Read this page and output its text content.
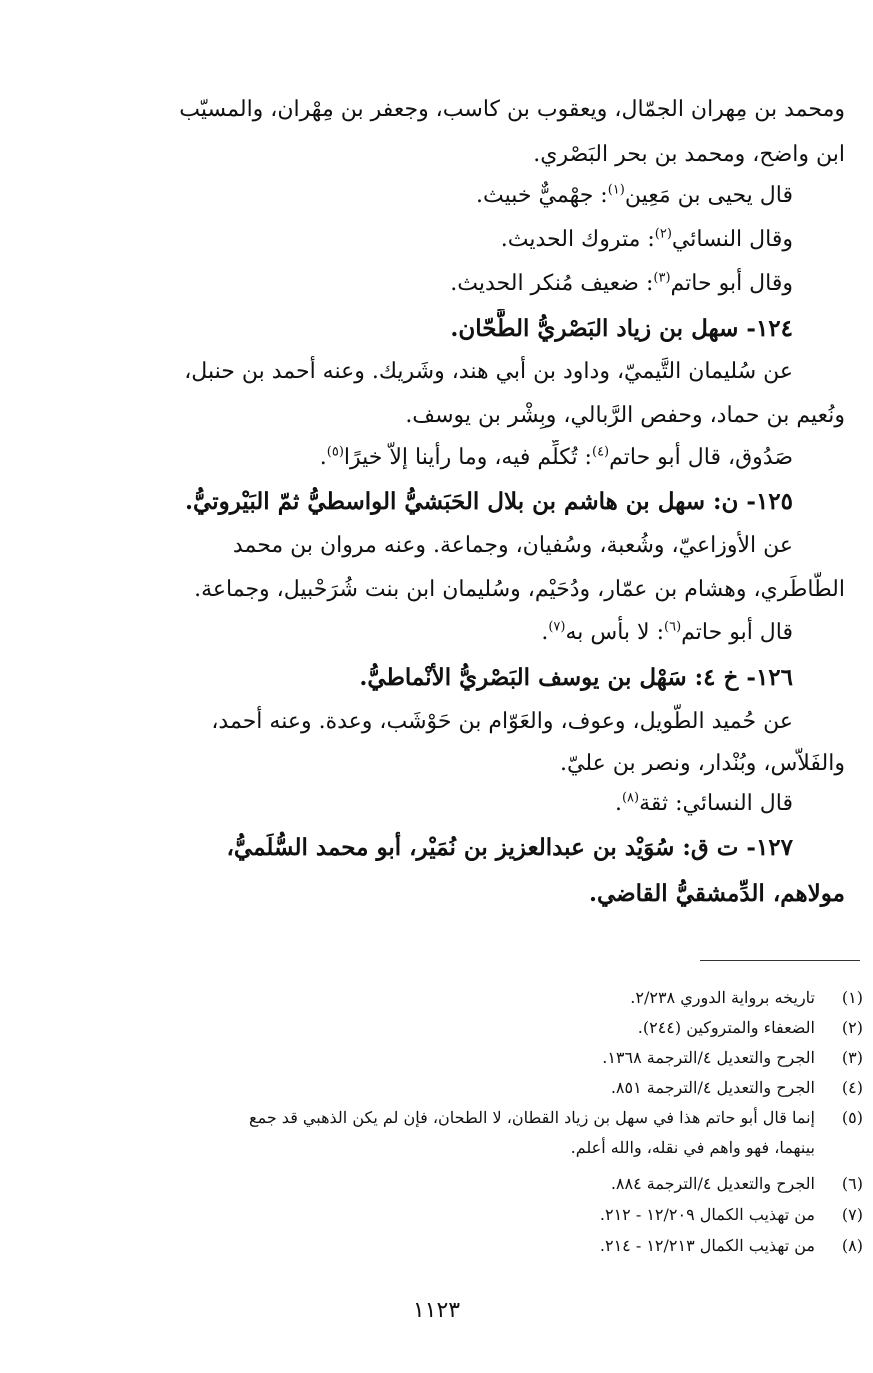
ومحمد بن مِهران الجمّال، ويعقوب بن كاسب، وجعفر بن مِهْران، والمسيّب
ابن واضح، ومحمد بن بحر البَصْري.
قال يحيى بن مَعِين$^{(١)}$: جهْميٌّ خبيث.
وقال النسائي$^{(٢)}$: متروك الحديث.
وقال أبو حاتم$^{(٣)}$: ضعيف مُنكر الحديث.
١٢٤- سهل بن زياد البَصْريُّ الطَّحّان.
عن سُليمان التَّيميّ، وداود بن أبي هند، وشَريك. وعنه أحمد بن حنبل،
ونُعيم بن حماد، وحفص الرَّبالي، وبِشْر بن يوسف.
صَدُوق، قال أبو حاتم$^{(٤)}$: تُكلِّم فيه، وما رأينا إلاّ خيرًا$^{(٥)}$.
١٢٥- ن: سهل بن هاشم بن بلال الحَبَشيُّ الواسطيُّ ثمّ البَيْروتيُّ.
عن الأوزاعيّ، وشُعبة، وسُفيان، وجماعة. وعنه مروان بن محمد
الطَّاطَري، وهشام بن عمّار، ودُحَيْم، وسُليمان ابن بنت شُرَحْبيل، وجماعة.
قال أبو حاتم$^{(٦)}$: لا بأس به$^{(٧)}$.
١٢٦- خ ٤: سَهْل بن يوسف البَصْريُّ الأنْماطيُّ.
عن حُميد الطَّويل، وعوف، والعَوّام بن حَوْشَب، وعدة. وعنه أحمد،
والفَلاّس، وبُنْدار، ونصر بن عليّ.
قال النسائي: ثقة$^{(٨)}$.
١٢٧- ت ق: سُوَيْد بن عبدالعزيز بن نُمَيْر، أبو محمد السُّلَميُّ،
مولاهم، الدِّمشقيُّ القاضي.
(١)
تاريخه برواية الدوري ٢/٢٣٨.
(٢)
الضعفاء والمتروكين (٢٤٤).
(٣)
الجرح والتعديل ٤/الترجمة ١٣٦٨.
(٤)
الجرح والتعديل ٤/الترجمة ٨٥١.
(٥)
إنما قال أبو حاتم هذا في سهل بن زياد القطان، لا الطحان، فإن لم يكن الذهبي قد جمع
بينهما، فهو واهم في نقله، والله أعلم.
(٦)
الجرح والتعديل ٤/الترجمة ٨٨٤.
(٧)
من تهذيب الكمال ١٢/٢٠٩ - ٢١٢.
(٨)
من تهذيب الكمال ١٢/٢١٣ - ٢١٤.
١١٢٣
